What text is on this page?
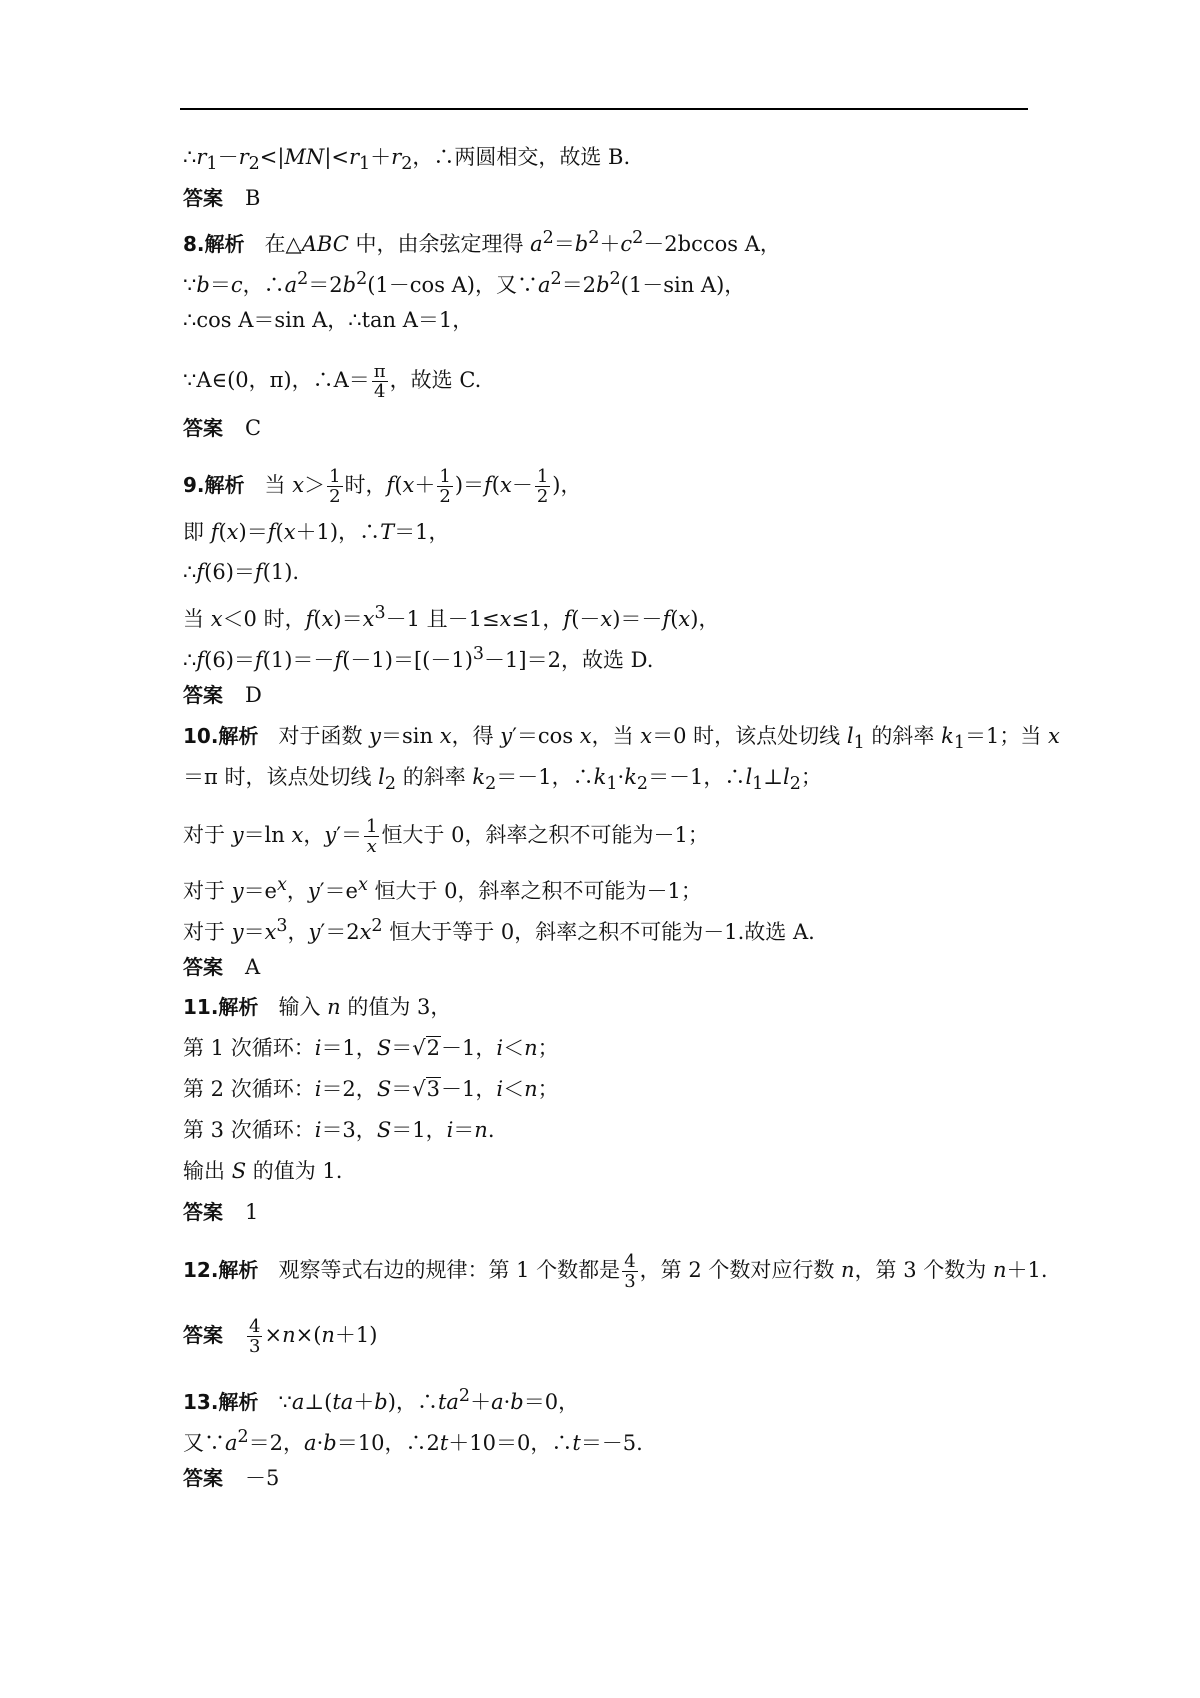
$\therefore r_1-r_2<|MN|<r_1+r_2$，∴两圆相交，故选 B.
答案 B
8.解析 在△ABC 中，由余弦定理得 $a^2=b^2+c^2-2bccos$ A，
∵b＝c，$\therefore a^2=2b^2(1-\cos$ A)，又$\because a^2=2b^2(1-\sin$ A)，
∴cos A＝sin A，∴tan A＝1，
∵A∈(0，π)，∴A＝ $\frac{\pi}{4}$ ，故选 C.
答案 C
9.解析 当 $x> \frac{1}{2}$ 时，$f(x+ \frac{1}{2} )=f(x- \frac{1}{2}$ )，
即 f(x)＝f(x＋1)，∴T＝1，
∴f(6)＝f(1).
当 x＜0 时，$f(x)=x^3-1$ 且－1≤x≤1，f(－x)＝－f(x)，
$\therefore f(6)=f(1)=-f(-1)=[(-1)^3-1]=2$，故选 D.
答案 D
10.解析 对于函数 y＝sin x，得 y′＝cos x，当 x＝0 时，该点处切线 $l_1$ 的斜率 $k_1=1$；当 x
＝π 时，该点处切线 $l_2$ 的斜率 $k_2=-1$，$\therefore k_1\cdot k_2=-1$，$\therefore l_1\perp l_2$；
对于 y＝ln x，$y'= \frac{1}{x}$ 恒大于 0，斜率之积不可能为－1；
对于 $y=e^x$，$y'=e^x$ 恒大于 0，斜率之积不可能为－1；
对于 $y=x^3$，$y'=2x^2$ 恒大于等于 0，斜率之积不可能为－1.故选 A.
答案 A
11.解析 输入 n 的值为 3，
第 1 次循环：i＝1，S＝√2－1，i＜n；
第 2 次循环：i＝2，S＝√3－1，i＜n；
第 3 次循环：i＝3，S＝1，i＝n.
输出 S 的值为 1.
答案 1
12.解析 观察等式右边的规律：第 1 个数都是 $\frac{4}{3}$ ，第 2 个数对应行数 n，第 3 个数为 n＋1.
答案 $\frac{4}{3} \times n\times(n+1)$
13.解析 ∵a⊥(ta＋b)，$\therefore ta^2+a\cdot b=0$，
又$\because a^2=2$，a·b＝10，∴2t＋10＝0，∴t＝－5.
答案 －5
